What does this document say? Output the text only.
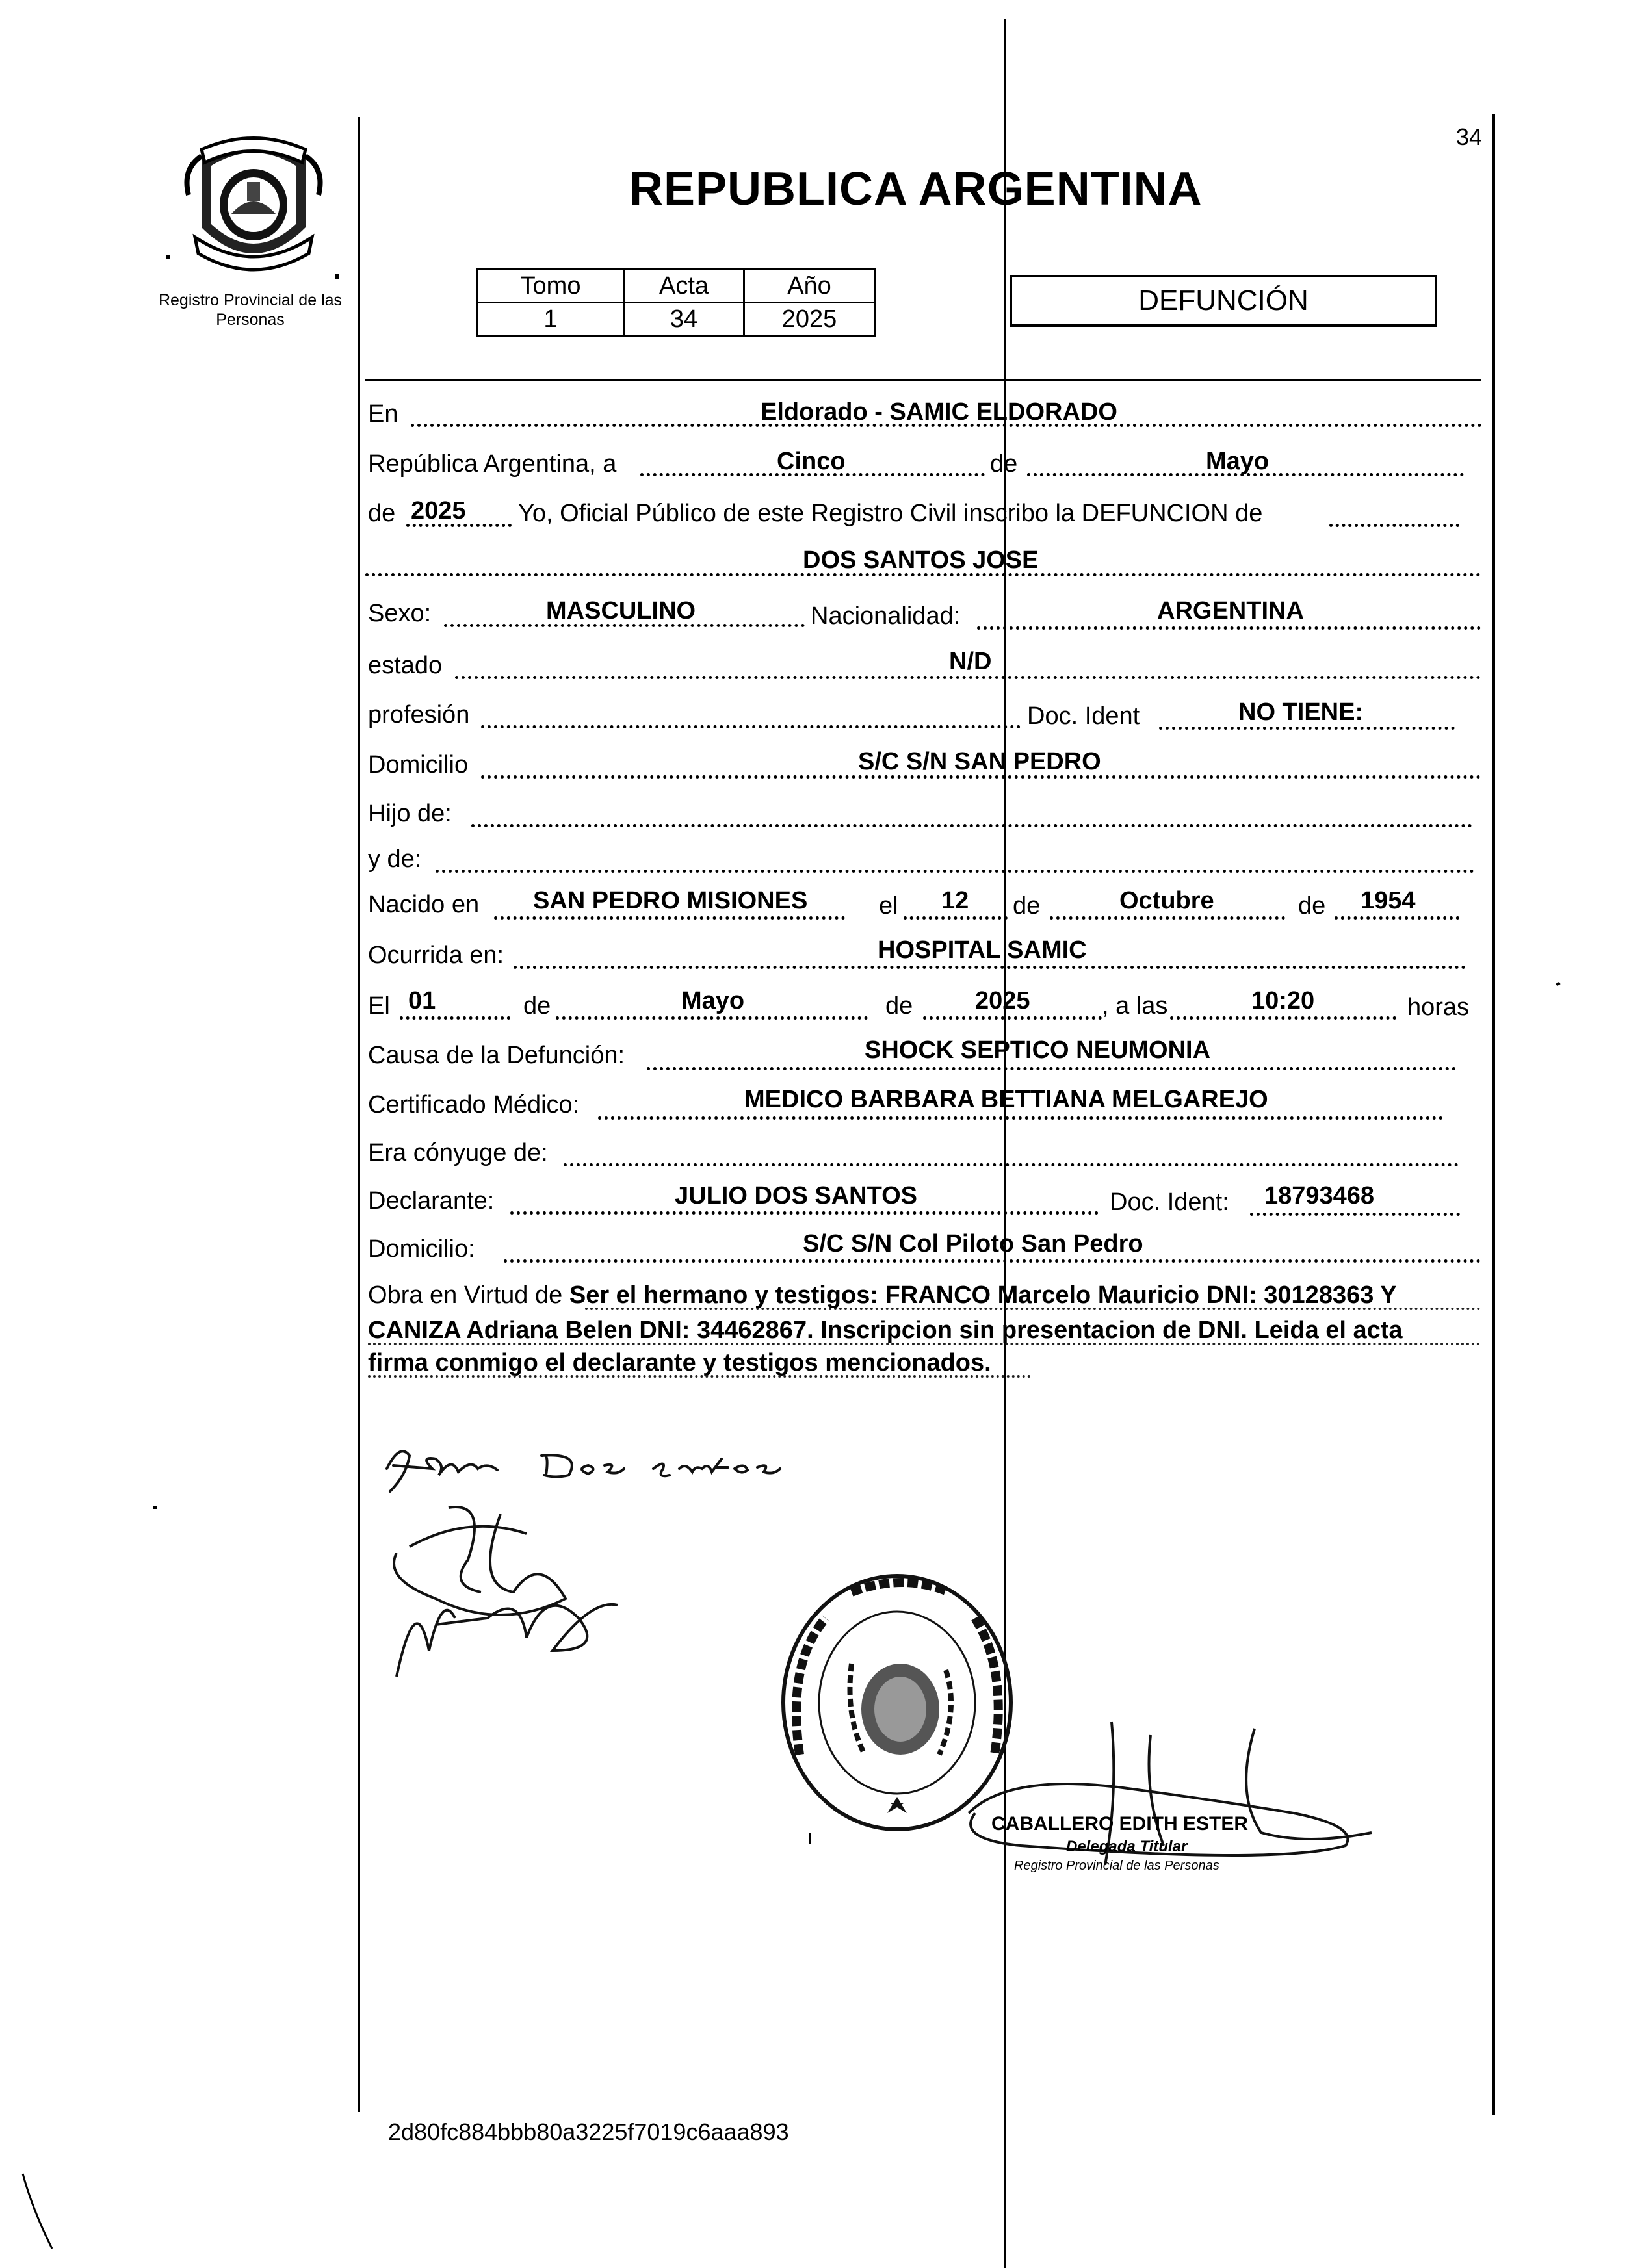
Registro Provincial de las Personas
34
REPUBLICA ARGENTINA
Tomo	Acta	Año
1	34	2025
DEFUNCIÓN
En	Eldorado - SAMIC ELDORADO
República Argentina, a	Cinco	de	Mayo
de 2025 Yo, Oficial Público de este Registro Civil inscribo la DEFUNCION de
DOS SANTOS JOSE
Sexo:	MASCULINO	Nacionalidad:	ARGENTINA
estado	N/D
profesión	Doc. Ident	NO TIENE:
Domicilio	S/C S/N SAN PEDRO
Hijo de:
y de:
Nacido en SAN PEDRO MISIONES	el 12 de	Octubre	de 1954
Ocurrida en:	HOSPITAL SAMIC
El 01	de	Mayo	de	2025	, a las	10:20	horas
Causa de la Defunción:	SHOCK SEPTICO NEUMONIA
Certificado Médico:	MEDICO BARBARA BETTIANA MELGAREJO
Era cónyuge de:
Declarante:	JULIO DOS SANTOS	Doc. Ident: 18793468
Domicilio:	S/C S/N Col Piloto San Pedro
Obra en Virtud de Ser el hermano y testigos: FRANCO Marcelo Mauricio DNI: 30128363 Y
CANIZA Adriana Belen DNI: 34462867. Inscripcion sin presentacion de DNI. Leida el acta
firma conmigo el declarante y testigos mencionados.
CABALLERO EDITH ESTER
Delegada Titular
Registro Provincial de las Personas
2d80fc884bbb80a3225f7019c6aaa893
